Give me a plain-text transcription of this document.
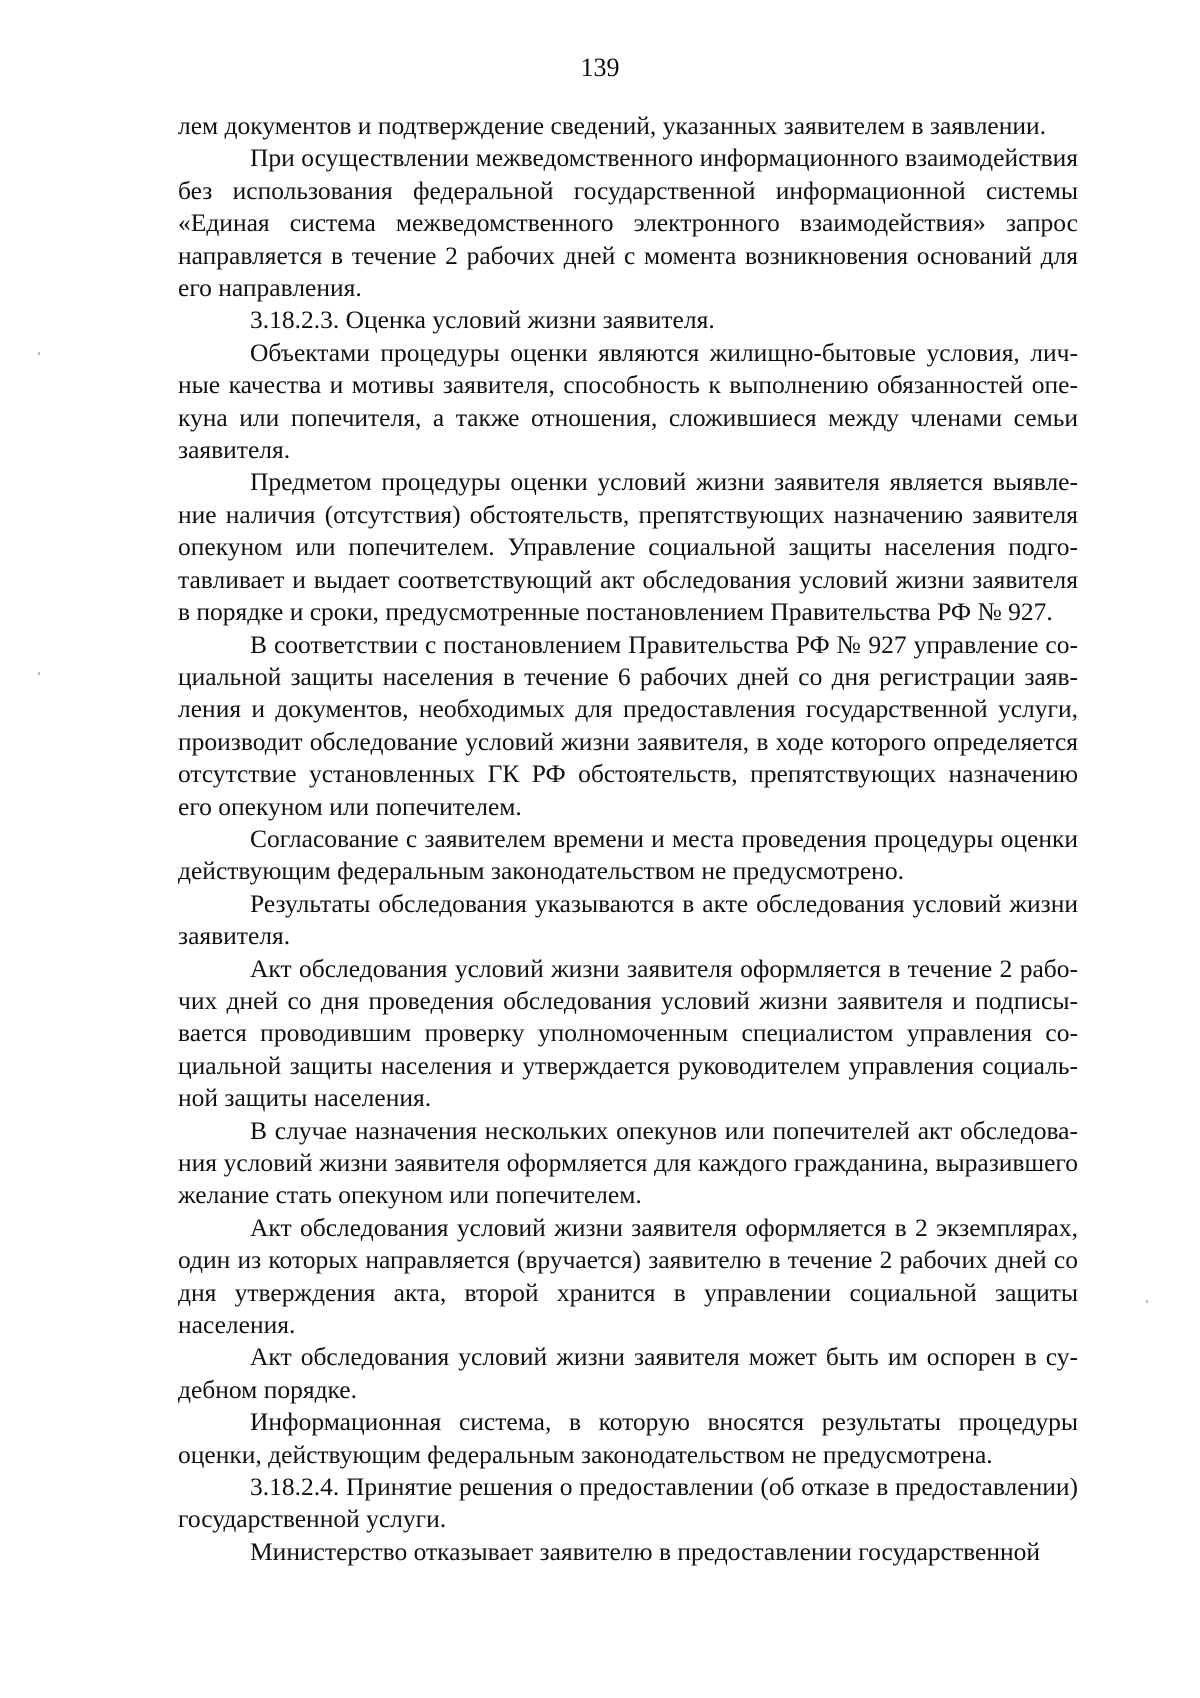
139

лем документов и подтверждение сведений, указанных заявителем в заявлении.

При осуществлении межведомственного информационного взаимодействия без использования федеральной государственной информационной системы «Единая система межведомственного электронного взаимодействия» запрос направляется в течение 2 рабочих дней с момента возникновения оснований для его направления.

3.18.2.3. Оценка условий жизни заявителя.

Объектами процедуры оценки являются жилищно-бытовые условия, личные качества и мотивы заявителя, способность к выполнению обязанностей опекуна или попечителя, а также отношения, сложившиеся между членами семьи заявителя.

Предметом процедуры оценки условий жизни заявителя является выявление наличия (отсутствия) обстоятельств, препятствующих назначению заявителя опекуном или попечителем. Управление социальной защиты населения подготавливает и выдает соответствующий акт обследования условий жизни заявителя в порядке и сроки, предусмотренные постановлением Правительства РФ № 927.

В соответствии с постановлением Правительства РФ № 927 управление социальной защиты населения в течение 6 рабочих дней со дня регистрации заявления и документов, необходимых для предоставления государственной услуги, производит обследование условий жизни заявителя, в ходе которого определяется отсутствие установленных ГК РФ обстоятельств, препятствующих назначению его опекуном или попечителем.

Согласование с заявителем времени и места проведения процедуры оценки действующим федеральным законодательством не предусмотрено.

Результаты обследования указываются в акте обследования условий жизни заявителя.

Акт обследования условий жизни заявителя оформляется в течение 2 рабочих дней со дня проведения обследования условий жизни заявителя и подписывается проводившим проверку уполномоченным специалистом управления социальной защиты населения и утверждается руководителем управления социальной защиты населения.

В случае назначения нескольких опекунов или попечителей акт обследования условий жизни заявителя оформляется для каждого гражданина, выразившего желание стать опекуном или попечителем.

Акт обследования условий жизни заявителя оформляется в 2 экземплярах, один из которых направляется (вручается) заявителю в течение 2 рабочих дней со дня утверждения акта, второй хранится в управлении социальной защиты населения.

Акт обследования условий жизни заявителя может быть им оспорен в судебном порядке.

Информационная система, в которую вносятся результаты процедуры оценки, действующим федеральным законодательством не предусмотрена.

3.18.2.4. Принятие решения о предоставлении (об отказе в предоставлении) государственной услуги.

Министерство отказывает заявителю в предоставлении государственной
